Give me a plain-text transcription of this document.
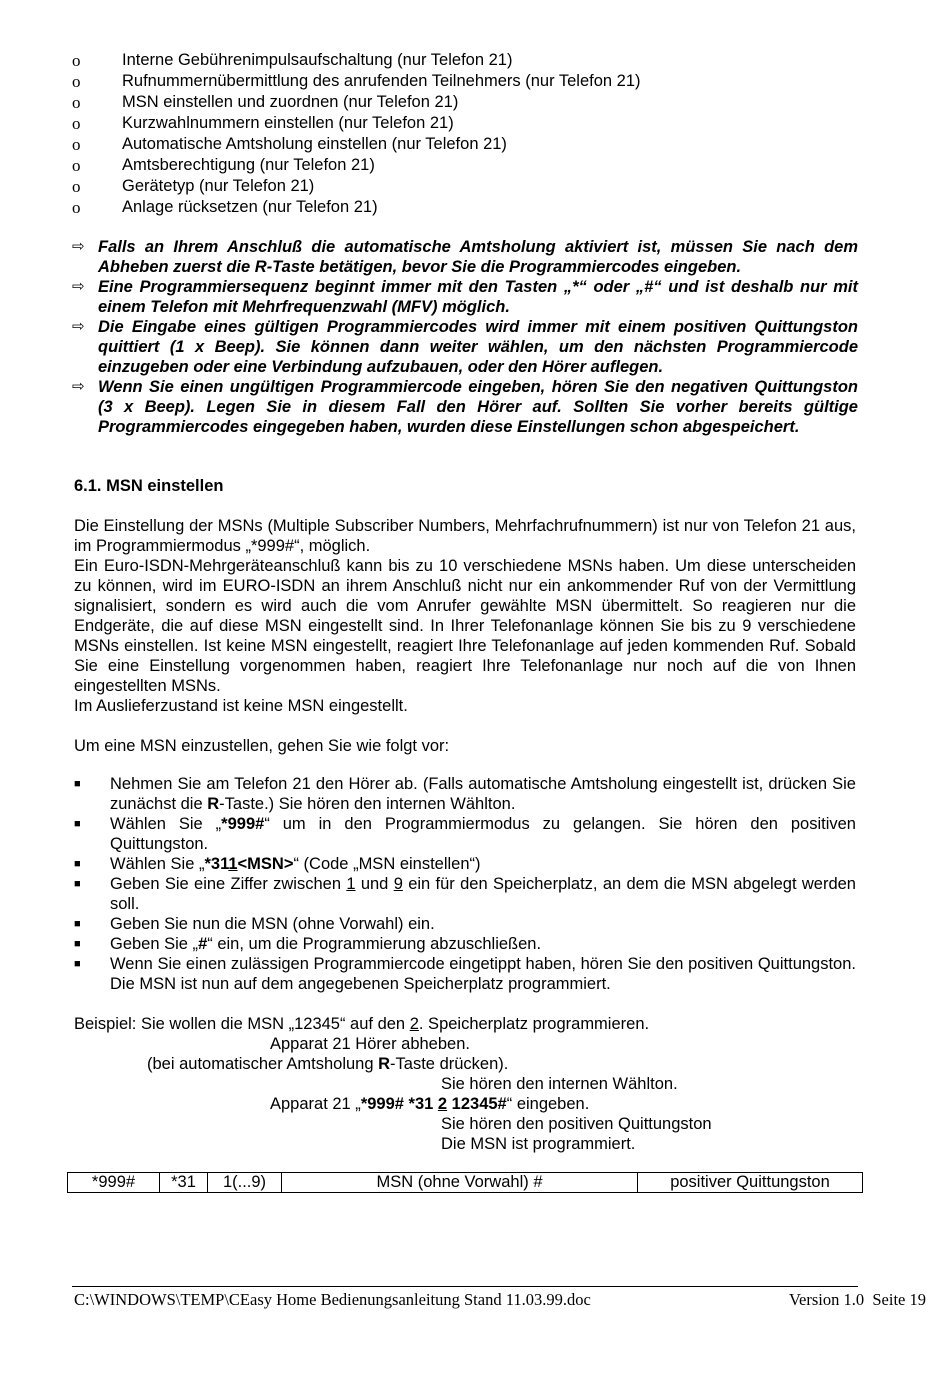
o	Interne Gebührenimpulsaufschaltung (nur Telefon 21)
o	Rufnummernübermittlung des anrufenden Teilnehmers (nur Telefon 21)
o	MSN einstellen und zuordnen (nur Telefon 21)
o	Kurzwahlnummern einstellen (nur Telefon 21)
o	Automatische Amtsholung einstellen (nur Telefon 21)
o	Amtsberechtigung (nur Telefon 21)
o	Gerätetyp (nur Telefon 21)
o	Anlage rücksetzen (nur Telefon 21)
⇨ Falls an Ihrem Anschluß die automatische Amtsholung aktiviert ist, müssen Sie nach dem Abheben zuerst die R-Taste betätigen, bevor Sie die Programmiercodes eingeben.
⇨ Eine Programmiersequenz beginnt immer mit den Tasten „*“ oder „#“ und ist deshalb nur mit einem Telefon mit Mehrfrequenzwahl (MFV) möglich.
⇨ Die Eingabe eines gültigen Programmiercodes wird immer mit einem positiven Quittungston quittiert (1 x Beep). Sie können dann weiter wählen, um den nächsten Programmiercode einzugeben oder eine Verbindung aufzubauen, oder den Hörer auflegen.
⇨ Wenn Sie einen ungültigen Programmiercode eingeben, hören Sie den negativen Quittungston (3 x Beep). Legen Sie in diesem Fall den Hörer auf. Sollten Sie vorher bereits gültige Programmiercodes eingegeben haben, wurden diese Einstellungen schon abgespeichert.
6.1. MSN einstellen
Die Einstellung der MSNs (Multiple Subscriber Numbers, Mehrfachrufnummern) ist nur von Telefon 21 aus, im Programmiermodus „*999#“, möglich.
Ein Euro-ISDN-Mehrgeräteanschluß kann bis zu 10 verschiedene MSNs haben. Um diese unterscheiden zu können, wird im EURO-ISDN an ihrem Anschluß nicht nur ein ankommender Ruf von der Vermittlung signalisiert, sondern es wird auch die vom Anrufer gewählte MSN übermittelt. So reagieren nur die Endgeräte, die auf diese MSN eingestellt sind. In Ihrer Telefonanlage können Sie bis zu 9 verschiedene MSNs einstellen. Ist keine MSN eingestellt, reagiert Ihre Telefonanlage auf jeden kommenden Ruf. Sobald Sie eine Einstellung vorgenommen haben, reagiert Ihre Telefonanlage nur noch auf die von Ihnen eingestellten MSNs.
Im Auslieferzustand ist keine MSN eingestellt.
Um eine MSN einzustellen, gehen Sie wie folgt vor:
■	Nehmen Sie am Telefon 21 den Hörer ab. (Falls automatische Amtsholung eingestellt ist, drücken Sie zunächst die R-Taste.) Sie hören den internen Wählton.
■	Wählen Sie „*999#“ um in den Programmiermodus zu gelangen. Sie hören den positiven Quittungston.
■	Wählen Sie „*311<MSN>“ (Code „MSN einstellen“)
■	Geben Sie eine Ziffer zwischen 1 und 9 ein für den Speicherplatz, an dem die MSN abgelegt werden soll.
■	Geben Sie nun die MSN (ohne Vorwahl) ein.
■	Geben Sie „#“ ein, um die Programmierung abzuschließen.
■	Wenn Sie einen zulässigen Programmiercode eingetippt haben, hören Sie den positiven Quittungston. Die MSN ist nun auf dem angegebenen Speicherplatz programmiert.
Beispiel: Sie wollen die MSN „12345“ auf den 2. Speicherplatz programmieren.
Apparat 21 Hörer abheben.
(bei automatischer Amtsholung R-Taste drücken).
Sie hören den internen Wählton.
Apparat 21 „*999# *31 2 12345#“ eingeben.
Sie hören den positiven Quittungston
Die MSN ist programmiert.
*999#	*31	1(...9)	MSN (ohne Vorwahl) #	positiver Quittungston
C:\WINDOWS\TEMP\CEasy Home Bedienungsanleitung Stand 11.03.99.doc	Version 1.0  Seite 19
